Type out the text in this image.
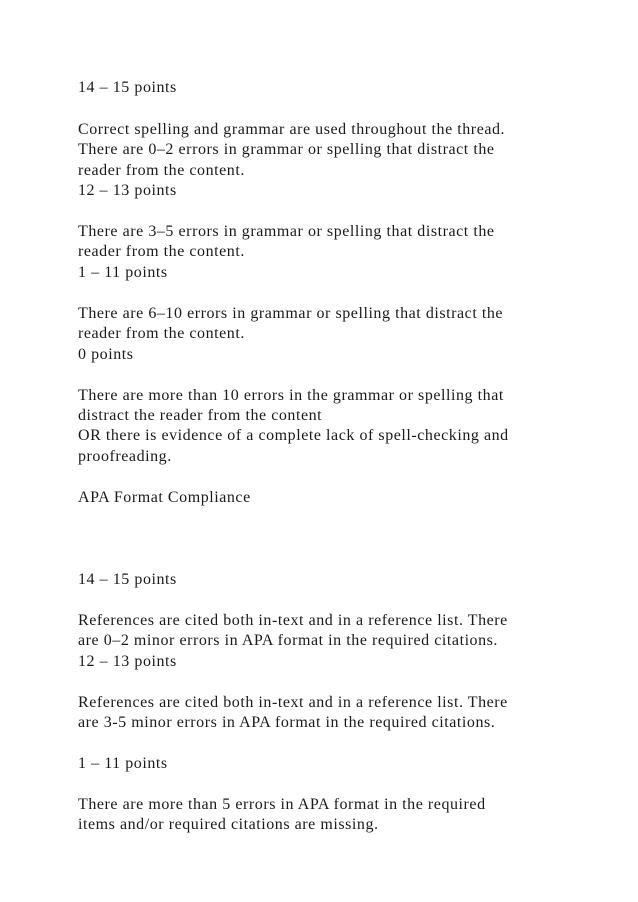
14 – 15 points
Correct spelling and grammar are used throughout the thread.
There are 0–2 errors in grammar or spelling that distract the
reader from the content.
12 – 13 points
There are 3–5 errors in grammar or spelling that distract the
reader from the content.
1 – 11 points
There are 6–10 errors in grammar or spelling that distract the
reader from the content.
0 points
There are more than 10 errors in the grammar or spelling that
distract the reader from the content
OR there is evidence of a complete lack of spell-checking and
proofreading.
APA Format Compliance
14 – 15 points
References are cited both in-text and in a reference list. There
are 0–2 minor errors in APA format in the required citations.
12 – 13 points
References are cited both in-text and in a reference list. There
are 3-5 minor errors in APA format in the required citations.
1 – 11 points
There are more than 5 errors in APA format in the required
items and/or required citations are missing.
